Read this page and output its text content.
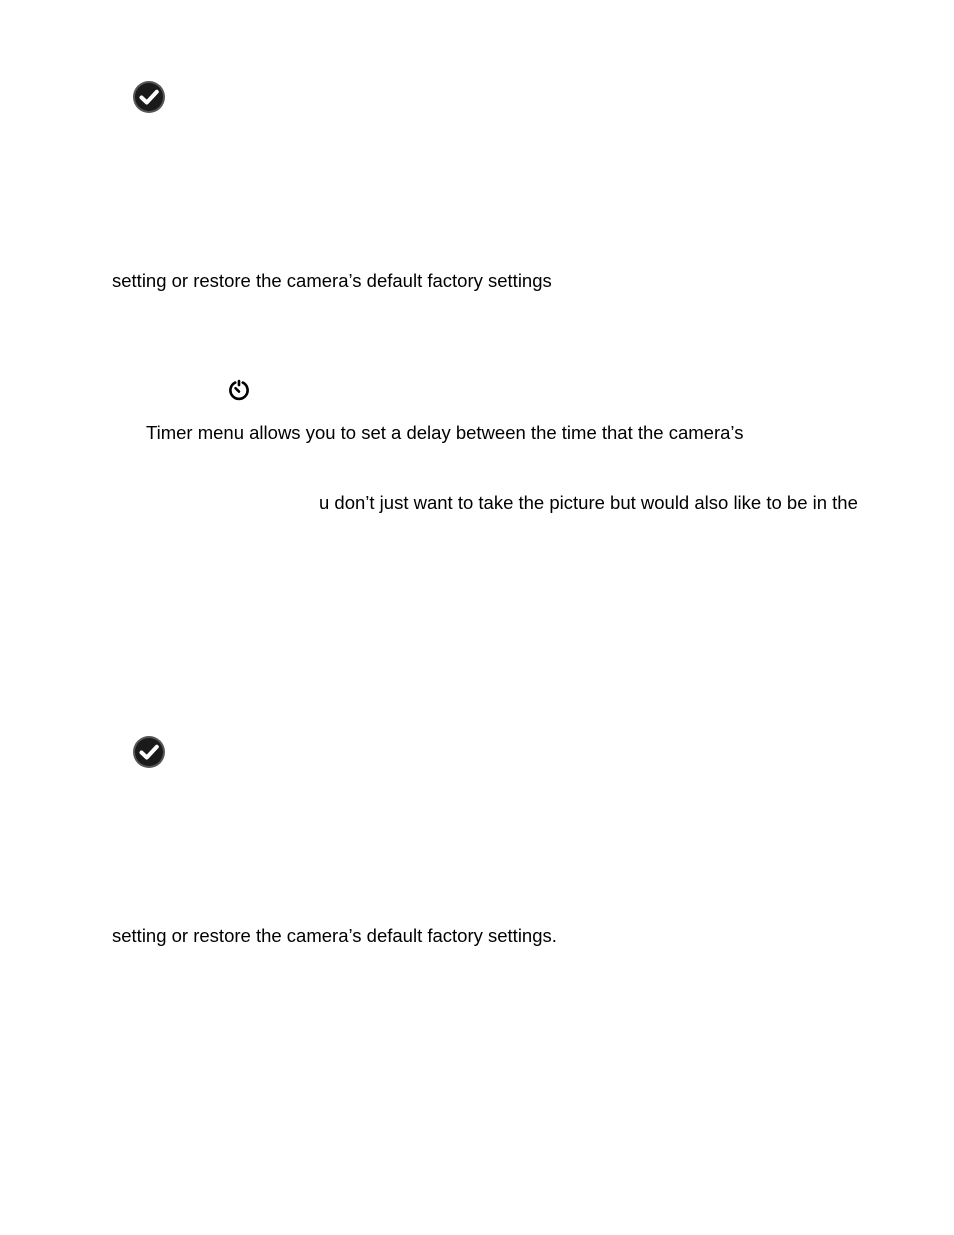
setting or restore the camera’s default factory settings
Timer menu allows you to set a delay between the time that the camera’s
u don’t just want to take the picture but would also like to be in the
setting or restore the camera’s default factory settings.
